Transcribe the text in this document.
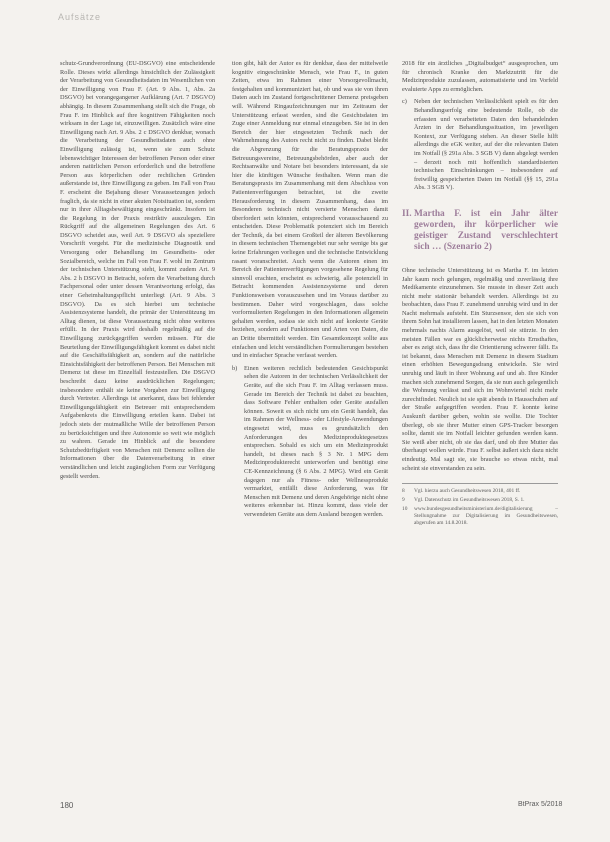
Aufsätze

schutz-Grundverordnung (EU-DSGVO) eine entscheidende Rolle. Dieses wirkt allerdings hinsichtlich der Zulässigkeit der Verarbeitung von Gesundheitsdaten im Wesentlichen von der Einwilligung von Frau F. (Art. 9 Abs. 1, Abs. 2a DSGVO) bei vorangegangener Aufklärung (Art. 7 DSGVO) abhängig. In diesem Zusammenhang stellt sich die Frage, ob Frau F. im Hinblick auf ihre kognitiven Fähigkeiten noch wirksam in der Lage ist, einzuwilligen. Zusätzlich wäre eine Einwilligung nach Art. 9 Abs. 2 c DSGVO denkbar, wonach die Verarbeitung der Gesundheitsdaten auch ohne Einwilligung zulässig ist, wenn sie zum Schutz lebenswichtiger Interessen der betroffenen Person oder einer anderen natürlichen Person erforderlich und die betroffene Person aus körperlichen oder rechtlichen Gründen außerstande ist, ihre Einwilligung zu geben. Im Fall von Frau F. erscheint die Bejahung dieser Voraussetzungen jedoch fraglich, da sie nicht in einer akuten Notsituation ist, sondern nur in ihrer Alltagsbewältigung eingeschränkt. Insofern ist die Regelung in der Praxis restriktiv auszulegen. Ein Rückgriff auf die allgemeinen Regelungen des Art. 6 DSGVO scheidet aus, weil Art. 9 DSGVO als speziellere Vorschrift vorgeht. Für die medizinische Diagnostik und Versorgung oder Behandlung im Gesundheits- oder Sozialbereich, welche im Fall von Frau F. wohl im Zentrum der technischen Unterstützung steht, kommt zudem Art. 9 Abs. 2 h DSGVO in Betracht, sofern die Verarbeitung durch Fachpersonal oder unter dessen Verantwortung erfolgt, das einer Geheimhaltungspflicht unterliegt (Art. 9 Abs. 3 DSGVO). Da es sich hierbei um technische Assistenzsysteme handelt, die primär der Unterstützung im Alltag dienen, ist diese Voraussetzung nicht ohne weiteres erfüllt. In der Praxis wird deshalb regelmäßig auf die Einwilligung zurückgegriffen werden müssen. Für die Beurteilung der Einwilligungsfähigkeit kommt es dabei nicht auf die Geschäftsfähigkeit an, sondern auf die natürliche Einsichtsfähigkeit der betroffenen Person. Bei Menschen mit Demenz ist diese im Einzelfall festzustellen. Die DSGVO beschreibt dazu keine ausdrücklichen Regelungen; insbesondere enthält sie keine Vorgaben zur Einwilligung durch Vertreter. Allerdings ist anerkannt, dass bei fehlender Einwilligungsfähigkeit ein Betreuer mit entsprechendem Aufgabenkreis die Einwilligung erteilen kann. Dabei ist jedoch stets der mutmaßliche Wille der betroffenen Person zu berücksichtigen und ihre Autonomie so weit wie möglich zu wahren. Gerade im Hinblick auf die besondere Schutzbedürftigkeit von Menschen mit Demenz sollten die Informationen über die Datenverarbeitung in einer verständlichen und leicht zugänglichen Form zur Verfügung gestellt werden.

tion gibt, hält der Autor es für denkbar, dass der mittelweile kognitiv eingeschränkte Mensch, wie Frau F., in guten Zeiten, etwa im Rahmen einer Vorsorgevollmacht, festgehalten und kommuniziert hat, ob und was sie von ihren Daten auch im Zustand fortgeschrittener Demenz preisgeben will. Während Ringaufzeichnungen nur im Zeitraum der Unterstützung erfasst werden, sind die Gesichtsdaten im Zuge einer Anmeldung nur einmal einzugeben. Sie ist in den Bereich der hier eingesetzten Technik nach der Wahrnehmung des Autors recht nicht zu finden. Dabei bleibt die Abgrenzung für die Beratungspraxis der Betreuungsvereine, Betreuungsbehörden, aber auch der Rechtsanwälte und Notare bei besonders interessant, da sie hier die künftigen Wünsche festhalten. Wenn man die Beratungspraxis im Zusammenhang mit dem Abschluss von Patientenverfügungen betrachtet, ist die zweite Herausforderung in diesem Zusammenhang, dass im Besonderen technisch nicht versierte Menschen damit überfordert sein könnten, entsprechend vorausschauend zu entscheiden. Diese Problematik potenziert sich im Bereich der Technik, da bei einem Großteil der älteren Bevölkerung in diesem technischen Themengebiet nur sehr wenige bis gar keine Erfahrungen vorliegen und die technische Entwicklung rasant voranschreitet. Auch wenn die Autoren einen im Bereich der Patientenverfügungen vorgesehene Regelung für sinnvoll erachten, erscheint es schwierig, alle potenziell in Betracht kommenden Assistenzsysteme und deren Funktionsweisen vorauszusehen und im Voraus darüber zu bestimmen. Daher wird vorgeschlagen, dass solche vorformulierten Regelungen in den Informationen allgemein gehalten werden, sodass sie sich nicht auf konkrete Geräte beziehen, sondern auf Funktionen und Arten von Daten, die an Dritte übermittelt werden. Ein Gesamtkonzept sollte aus einfachen und leicht verständlichen Formulierungen bestehen und in einfacher Sprache verfasst werden.

b) Einen weiteren rechtlich bedeutenden Gesichtspunkt sehen die Autoren in der technischen Verlässlichkeit der Geräte, auf die sich Frau F. im Alltag verlassen muss. Gerade im Bereich der Technik ist dabei zu beachten, dass Software Fehler enthalten oder Geräte ausfallen können. Soweit es sich nicht um ein Gerät handelt, das im Rahmen der Wellness- oder Lifestyle-Anwendungen eingesetzt wird, muss es grundsätzlich den Anforderungen des Medizinproduktegesetzes entsprechen. Sobald es sich um ein Medizinprodukt handelt, ist dieses nach § 3 Nr. 1 MPG dem Medizinprodukterecht unterworfen und benötigt eine CE-Kennzeichnung (§ 6 Abs. 2 MPG). Wird ein Gerät dagegen nur als Fitness- oder Wellnessprodukt vermarktet, entfällt diese Anforderung, was für Menschen mit Demenz und deren Angehörige nicht ohne weiteres erkennbar ist. Hinzu kommt, dass viele der verwendeten Geräte aus dem Ausland bezogen werden.

2018 für ein ärztliches „Digitalbudget“ ausgesprochen, um für chronisch Kranke den Marktzutritt für die Medizinprodukte zuzulassen, automatisierte und im Vorfeld evaluierte Apps zu ermöglichen.

c) Neben der technischen Verlässlichkeit spielt es für den Behandlungserfolg eine bedeutende Rolle, ob die erfassten und verarbeiteten Daten den behandelnden Ärzten in der Behandlungssituation, im jeweiligen Kontext, zur Verfügung stehen. An dieser Stelle hilft allerdings die eGK weiter, auf der die relevanten Daten im Notfall (§ 291a Abs. 3 SGB V) dann abgelegt werden – derzeit noch mit hoffentlich standardisierten technischen Einschränkungen – insbesondere auf freiwillig gespeicherten Daten im Notfall (§§ 15, 291a Abs. 3 SGB V).
II. Martha F. ist ein Jahr älter geworden, ihr körperlicher wie geistiger Zustand verschlechtert sich … (Szenario 2)

Ohne technische Unterstützung ist es Martha F. im letzten Jahr kaum noch gelungen, regelmäßig und zuverlässig ihre Medikamente einzunehmen. Sie musste in dieser Zeit auch nicht mehr stationär behandelt werden. Allerdings ist zu beobachten, dass Frau F. zunehmend unruhig wird und in der Nacht mehrmals aufsteht. Ein Sturzsensor, den sie sich von ihrem Sohn hat installieren lassen, hat in den letzten Monaten mehrmals nachts Alarm ausgelöst, weil sie stürzte. In den meisten Fällen war es glücklicherweise nichts Ernsthaftes, aber es zeigt sich, dass ihr die Orientierung schwerer fällt. Es ist bekannt, dass Menschen mit Demenz in diesem Stadium einen erhöhten Bewegungsdrang entwickeln. Sie wird unruhig und läuft in ihrer Wohnung auf und ab. Ihre Kinder machen sich zunehmend Sorgen, da sie nun auch gelegentlich die Wohnung verlässt und sich im Wohnviertel nicht mehr zurechtfindet. Neulich ist sie spät abends in Hausschuhen auf der Straße aufgegriffen worden. Frau F. konnte keine Auskunft darüber geben, wohin sie wollte. Die Tochter überlegt, ob sie ihrer Mutter einen GPS-Tracker besorgen sollte, damit sie im Notfall leichter gefunden werden kann. Sie weiß aber nicht, ob sie das darf, und ob ihre Mutter das überhaupt wollen würde. Frau F. selbst äußert sich dazu nicht eindeutig. Mal sagt sie, sie brauche so etwas nicht, mal scheint sie einverstanden zu sein.

8 Vgl. hierzu auch Gesundheitswesen 2018, 401 ff.
9 Vgl. Datenschutz im Gesundheitswesen 2018, S. 1.
10 www.bundesgesundheitsministerium.de/digitalisierung – Stellungnahme zur Digitalisierung im Gesundheitswesen, abgerufen am 14.8.2018.
180	BtPrax 5/2018
